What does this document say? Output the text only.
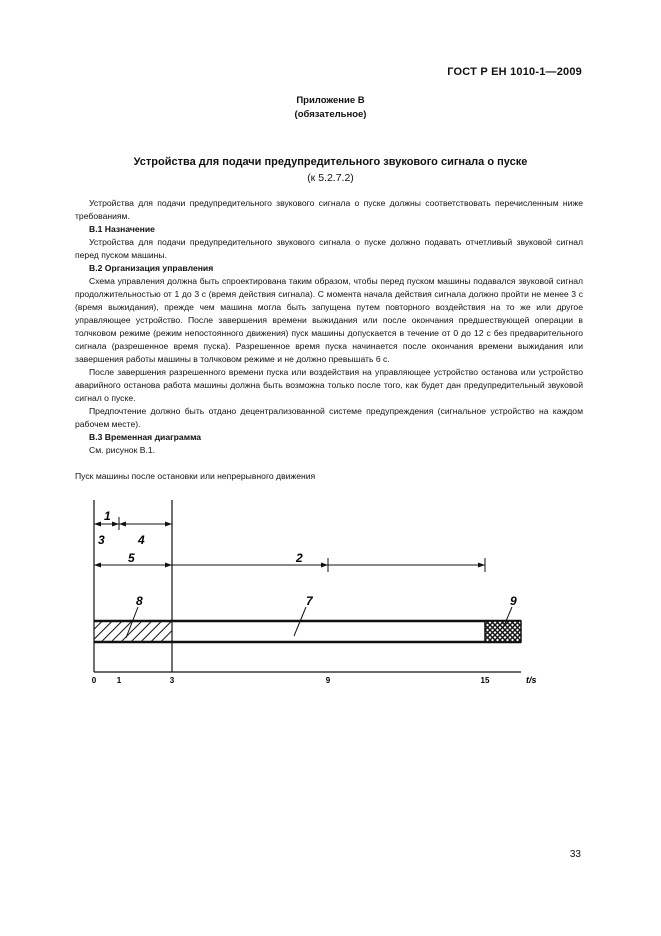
ГОСТ Р ЕН 1010-1—2009
Приложение В
(обязательное)
Устройства для подачи предупредительного звукового сигнала о пуске
(к 5.2.7.2)

Устройства для подачи предупредительного звукового сигнала о пуске должны соответствовать перечисленным ниже требованиям.

В.1 Назначение

Устройства для подачи предупредительного звукового сигнала о пуске должно подавать отчетливый звуковой сигнал перед пуском машины.

В.2 Организация управления

Схема управления должна быть спроектирована таким образом, чтобы перед пуском машины подавался звуковой сигнал продолжительностью от 1 до 3 с (время действия сигнала). С момента начала действия сигнала должно пройти не менее 3 с (время выжидания), прежде чем машина могла быть запущена путем повторного воздействия на то же или другое управляющее устройство. После завершения времени выжидания или после окончания предшествующей операции в толчковом режиме (режим непостоянного движения) пуск машины допускается в течение от 0 до 12 с без предварительного сигнала (разрешенное время пуска). Разрешенное время пуска начинается после окончания времени выжидания или завершения работы машины в толчковом режиме и не должно превышать 6 с.

После завершения разрешенного времени пуска или воздействия на управляющее устройство останова или устройство аварийного останова работа машины должна быть возможна только после того, как будет дан предупредительный звуковой сигнал о пуске.

Предпочтение должно быть отдано децентрализованной системе предупреждения (сигнальное устройство на каждом рабочем месте).

В.3 Временная диаграмма

См. рисунок В.1.

Пуск машины после остановки или непрерывного движения

1
3	4
5	2
8	7	9
0	1	3	9	15	t/s
33
